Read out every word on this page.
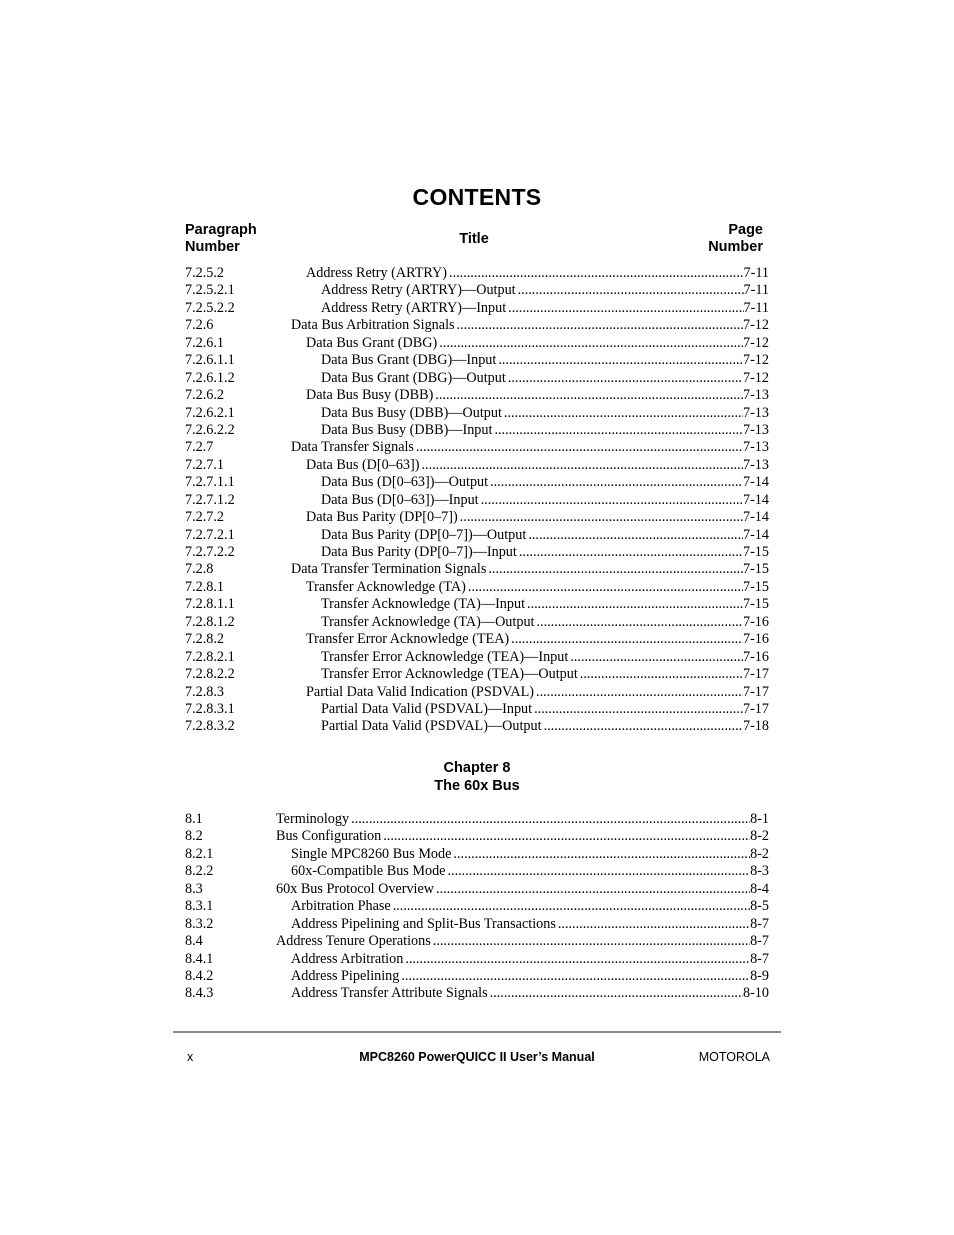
CONTENTS
Paragraph
Number	Title
Page
Number
7.2.5.2	Address Retry (ARTRY) .....	7-11
7.2.5.2.1	Address Retry (ARTRY)—Output .....	7-11
7.2.5.2.2	Address Retry (ARTRY)—Input .....	7-11
7.2.6	Data Bus Arbitration Signals .....	7-12
7.2.6.1	Data Bus Grant (DBG) .....	7-12
7.2.6.1.1	Data Bus Grant (DBG)—Input .....	7-12
7.2.6.1.2	Data Bus Grant (DBG)—Output .....	7-12
7.2.6.2	Data Bus Busy (DBB) .....	7-13
7.2.6.2.1	Data Bus Busy (DBB)—Output .....	7-13
7.2.6.2.2	Data Bus Busy (DBB)—Input .....	7-13
7.2.7	Data Transfer Signals .....	7-13
7.2.7.1	Data Bus (D[0–63]) .....	7-13
7.2.7.1.1	Data Bus (D[0–63])—Output .....	7-14
7.2.7.1.2	Data Bus (D[0–63])—Input .....	7-14
7.2.7.2	Data Bus Parity (DP[0–7]) .....	7-14
7.2.7.2.1	Data Bus Parity (DP[0–7])—Output .....	7-14
7.2.7.2.2	Data Bus Parity (DP[0–7])—Input .....	7-15
7.2.8	Data Transfer Termination Signals .....	7-15
7.2.8.1	Transfer Acknowledge (TA) .....	7-15
7.2.8.1.1	Transfer Acknowledge (TA)—Input .....	7-15
7.2.8.1.2	Transfer Acknowledge (TA)—Output .....	7-16
7.2.8.2	Transfer Error Acknowledge (TEA) .....	7-16
7.2.8.2.1	Transfer Error Acknowledge (TEA)—Input .....	7-16
7.2.8.2.2	Transfer Error Acknowledge (TEA)—Output .....	7-17
7.2.8.3	Partial Data Valid Indication (PSDVAL) .....	7-17
7.2.8.3.1	Partial Data Valid (PSDVAL)—Input .....	7-17
7.2.8.3.2	Partial Data Valid (PSDVAL)—Output .....	7-18
Chapter 8
The 60x Bus
8.1	Terminology .....	8-1
8.2	Bus Configuration .....	8-2
8.2.1	Single MPC8260 Bus Mode .....	8-2
8.2.2	60x-Compatible Bus Mode .....	8-3
8.3	60x Bus Protocol Overview .....	8-4
8.3.1	Arbitration Phase .....	8-5
8.3.2	Address Pipelining and Split-Bus Transactions .....	8-7
8.4	Address Tenure Operations .....	8-7
8.4.1	Address Arbitration .....	8-7
8.4.2	Address Pipelining .....	8-9
8.4.3	Address Transfer Attribute Signals .....	8-10
x	MPC8260 PowerQUICC II User’s Manual	MOTOROLA
